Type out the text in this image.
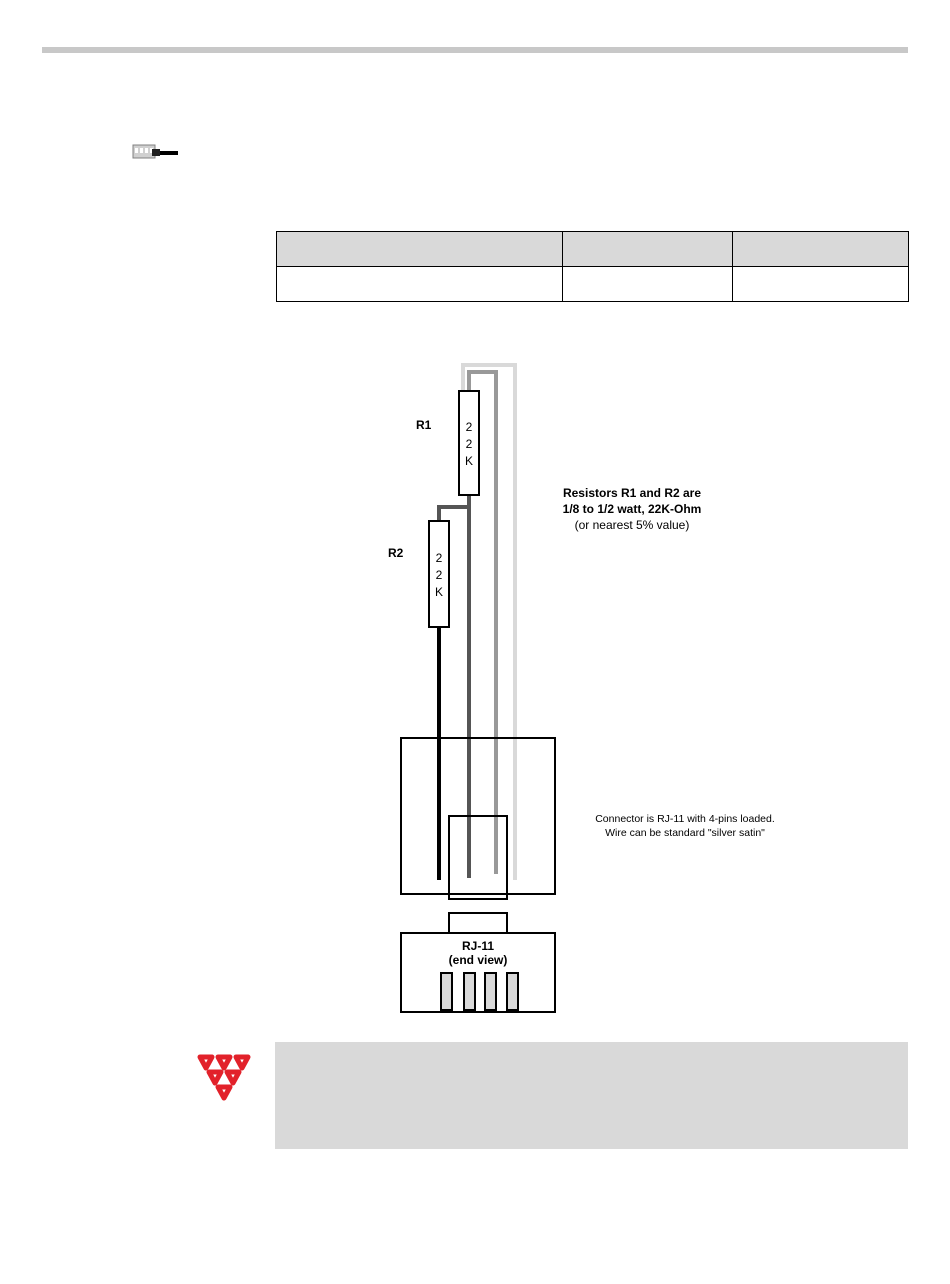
2
2
K
2
2
K
R1
R2
Resistors R1 and R2 are
1/8 to 1/2 watt, 22K-Ohm
(or nearest 5% value)
Connector is RJ-11 with 4-pins loaded.
Wire can be standard "silver satin"
RJ-11
(end view)
